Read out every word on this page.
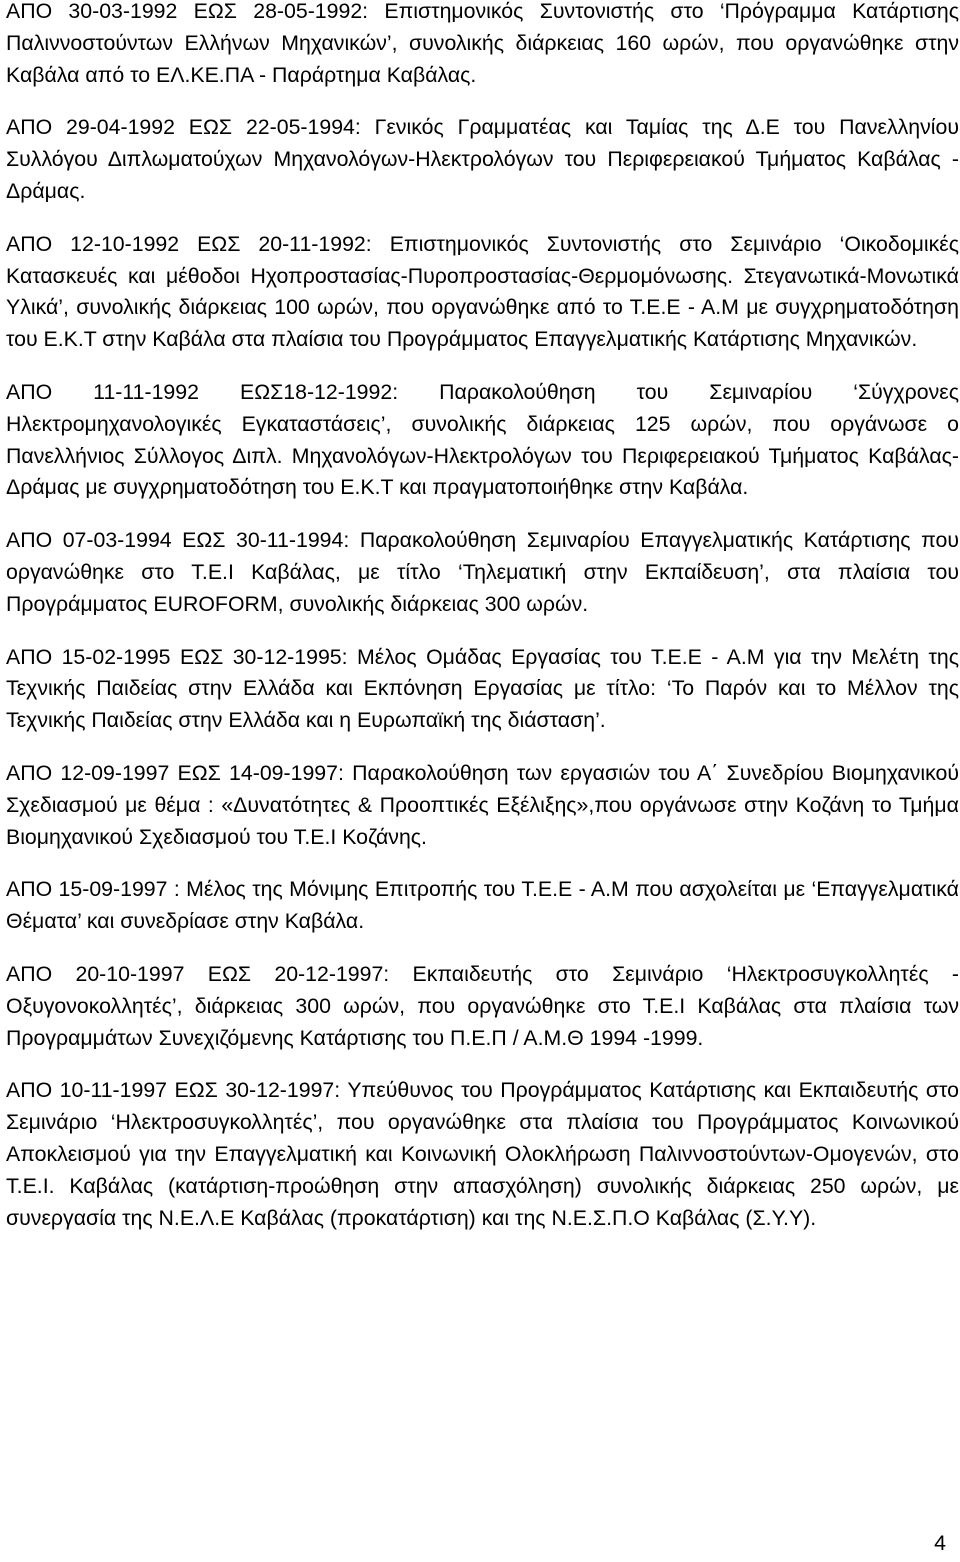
ΑΠΟ 30-03-1992 ΕΩΣ 28-05-1992: Επιστημονικός Συντονιστής στο ‘Πρόγραμμα Κατάρτισης Παλιννοστούντων Ελλήνων Μηχανικών’, συνολικής διάρκειας 160 ωρών, που οργανώθηκε στην Καβάλα από το ΕΛ.ΚΕ.ΠΑ - Παράρτημα Καβάλας.

ΑΠΟ 29-04-1992 ΕΩΣ 22-05-1994: Γενικός Γραμματέας και Ταμίας της Δ.Ε του Πανελληνίου Συλλόγου Διπλωματούχων Μηχανολόγων-Ηλεκτρολόγων του Περιφερειακού Τμήματος Καβάλας - Δράμας.

ΑΠΟ 12-10-1992 ΕΩΣ 20-11-1992: Επιστημονικός Συντονιστής στο Σεμινάριο ‘Οικοδομικές Κατασκευές και μέθοδοι Ηχοπροστασίας-Πυροπροστασίας-Θερμομόνωσης. Στεγανωτικά-Μονωτικά Υλικά’, συνολικής διάρκειας 100 ωρών, που οργανώθηκε από το Τ.Ε.Ε - Α.Μ με συγχρηματοδότηση του Ε.Κ.Τ στην Καβάλα στα πλαίσια του Προγράμματος Επαγγελματικής Κατάρτισης Μηχανικών.

ΑΠΟ 11-11-1992 ΕΩΣ18-12-1992: Παρακολούθηση του Σεμιναρίου ‘Σύγχρονες Ηλεκτρομηχανολογικές Εγκαταστάσεις’, συνολικής διάρκειας 125 ωρών, που οργάνωσε ο Πανελλήνιος Σύλλογος Διπλ. Μηχανολόγων-Ηλεκτρολόγων του Περιφερειακού Τμήματος Καβάλας-Δράμας με συγχρηματοδότηση του Ε.Κ.Τ και πραγματοποιήθηκε στην Καβάλα.

ΑΠΟ 07-03-1994 ΕΩΣ 30-11-1994: Παρακολούθηση Σεμιναρίου Επαγγελματικής Κατάρτισης που οργανώθηκε στο Τ.Ε.Ι Καβάλας, με τίτλο ‘Τηλεματική στην Εκπαίδευση’, στα πλαίσια του Προγράμματος EUROFORM, συνολικής διάρκειας 300 ωρών.

ΑΠΟ 15-02-1995 ΕΩΣ 30-12-1995: Μέλος Ομάδας Εργασίας του Τ.Ε.Ε - Α.Μ για την Μελέτη της Τεχνικής Παιδείας στην Ελλάδα και Εκπόνηση Εργασίας με τίτλο: ‘Το Παρόν και το Μέλλον της Τεχνικής Παιδείας στην Ελλάδα και η Ευρωπαϊκή της διάσταση’.

ΑΠΟ 12-09-1997 ΕΩΣ 14-09-1997: Παρακολούθηση των εργασιών του Α΄ Συνεδρίου Βιομηχανικού Σχεδιασμού με θέμα : «Δυνατότητες & Προοπτικές Εξέλιξης»,που οργάνωσε στην Κοζάνη το Τμήμα Βιομηχανικού Σχεδιασμού του Τ.Ε.Ι Κοζάνης.

ΑΠΟ 15-09-1997 : Μέλος της Μόνιμης Επιτροπής του Τ.Ε.Ε - Α.Μ που ασχολείται με ‘Επαγγελματικά Θέματα’ και συνεδρίασε στην Καβάλα.

ΑΠΟ 20-10-1997 ΕΩΣ 20-12-1997: Εκπαιδευτής στο Σεμινάριο ‘Ηλεκτροσυγκολλητές - Οξυγονοκολλητές’, διάρκειας 300 ωρών, που οργανώθηκε στο Τ.Ε.Ι Καβάλας στα πλαίσια των Προγραμμάτων Συνεχιζόμενης Κατάρτισης του Π.Ε.Π / Α.Μ.Θ 1994 -1999.

ΑΠΟ 10-11-1997 ΕΩΣ 30-12-1997: Υπεύθυνος του Προγράμματος Κατάρτισης και Εκπαιδευτής στο Σεμινάριο ‘Ηλεκτροσυγκολλητές’, που οργανώθηκε στα πλαίσια του Προγράμματος Κοινωνικού Αποκλεισμού για την Επαγγελματική και Κοινωνική Ολοκλήρωση Παλιννοστούντων-Ομογενών, στο Τ.Ε.Ι. Καβάλας (κατάρτιση-προώθηση στην απασχόληση) συνολικής διάρκειας 250 ωρών, με συνεργασία της Ν.Ε.Λ.Ε Καβάλας (προκατάρτιση) και της Ν.Ε.Σ.Π.Ο Καβάλας (Σ.Υ.Υ).

4
